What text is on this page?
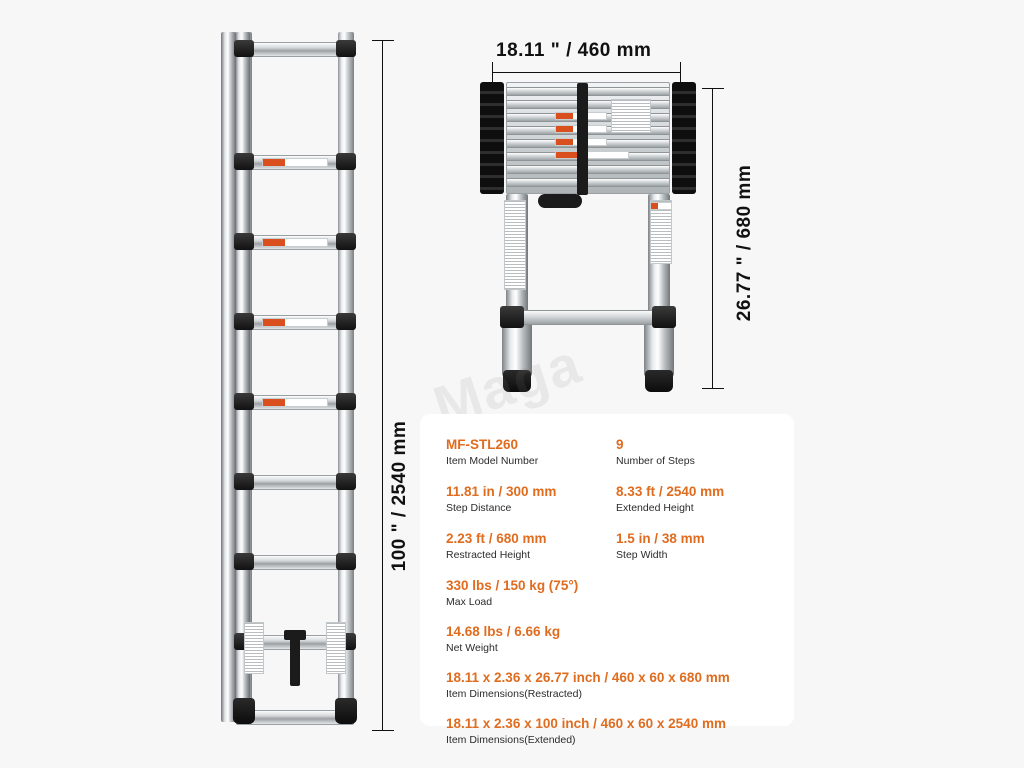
100 " / 2540 mm
18.11 " / 460 mm
26.77 " / 680 mm
MF-STL260
Item Model Number
11.81 in / 300 mm
Step Distance
2.23 ft / 680 mm
Restracted Height
9
Number of Steps
8.33 ft / 2540 mm
Extended Height
1.5 in / 38 mm
Step Width
330 lbs / 150 kg (75°)
Max Load
14.68 lbs / 6.66 kg
Net Weight
18.11 x 2.36 x 26.77 inch / 460 x 60 x 680 mm
Item Dimensions(Restracted)
18.11 x 2.36 x 100 inch / 460 x 60 x 2540 mm
Item Dimensions(Extended)
